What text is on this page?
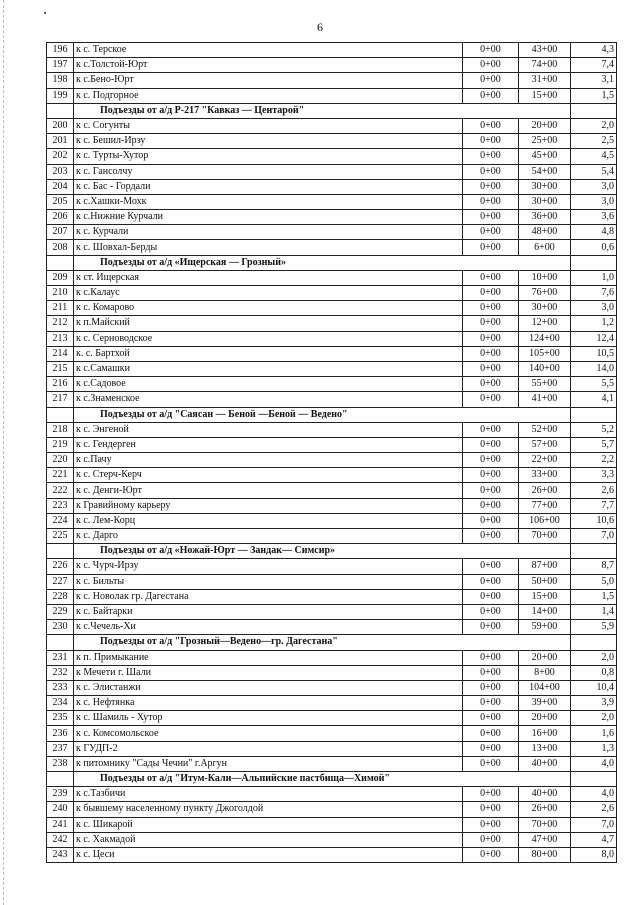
6
196	к с. Терское	0+00	43+00	4,3
197	к с.Толстой-Юрт	0+00	74+00	7,4
198	к с.Бено-Юрт	0+00	31+00	3,1
199	к с. Подгорное	0+00	15+00	1,5
	Подъезды от а/д Р-217 "Кавказ — Центарой"			
200	к с. Согунты	0+00	20+00	2,0
201	к с. Бешил-Ирзу	0+00	25+00	2,5
202	к с. Турты-Хутор	0+00	45+00	4,5
203	к с. Гансолчу	0+00	54+00	5,4
204	к с. Бас - Гордали	0+00	30+00	3,0
205	к с.Хашки-Мохк	0+00	30+00	3,0
206	к с.Нижние Курчали	0+00	36+00	3,6
207	к с. Курчали	0+00	48+00	4,8
208	к с. Шовхал-Берды	0+00	6+00	0,6
	Подъезды от а/д «Ищерская — Грозный»			
209	к ст. Ищерская	0+00	10+00	1,0
210	к с.Калаус	0+00	76+00	7,6
211	к с. Комарово	0+00	30+00	3,0
212	к п.Майский	0+00	12+00	1,2
213	к с. Серноводское	0+00	124+00	12,4
214	к. с. Бартхой	0+00	105+00	10,5
215	к с.Самашки	0+00	140+00	14,0
216	к с.Садовое	0+00	55+00	5,5
217	к с.Знаменское	0+00	41+00	4,1
	Подъезды от а/д "Саясан — Беной —Беной — Ведено"			
218	к с. Энгеной	0+00	52+00	5,2
219	к с. Гендерген	0+00	57+00	5,7
220	к с.Пачу	0+00	22+00	2,2
221	к с. Стерч-Керч	0+00	33+00	3,3
222	к с. Денги-Юрт	0+00	26+00	2,6
223	к Гравийному карьеру	0+00	77+00	7,7
224	к с. Лем-Корц	0+00	106+00	10,6
225	к с. Дарго	0+00	70+00	7,0
	Подъезды от а/д «Ножай-Юрт — Зандак— Симсир»			
226	к с. Чурч-Ирзу	0+00	87+00	8,7
227	к с. Бильты	0+00	50+00	5,0
228	к с. Новолак гр. Дагестана	0+00	15+00	1,5
229	к с. Байтарки	0+00	14+00	1,4
230	к с.Чечель-Хи	0+00	59+00	5,9
	Подъезды от а/д "Грозный—Ведено—гр. Дагестана"			
231	к п. Примыкание	0+00	20+00	2,0
232	к Мечети г. Шали	0+00	8+00	0,8
233	к с. Элистанжи	0+00	104+00	10,4
234	к с. Нефтянка	0+00	39+00	3,9
235	к с. Шамиль - Хутор	0+00	20+00	2,0
236	к с. Комсомольское	0+00	16+00	1,6
237	к ГУДП-2	0+00	13+00	1,3
238	к питомнику "Сады Чечни" г.Аргун	0+00	40+00	4,0
	Подъезды от а/д "Итум-Кали—Альпийские пастбища—Химой"			
239	к с.Тазбичи	0+00	40+00	4,0
240	к бывшему населенному пункту Джоголдой	0+00	26+00	2,6
241	к с. Шикарой	0+00	70+00	7,0
242	к с. Хакмадой	0+00	47+00	4,7
243	к с. Цеси	0+00	80+00	8,0
